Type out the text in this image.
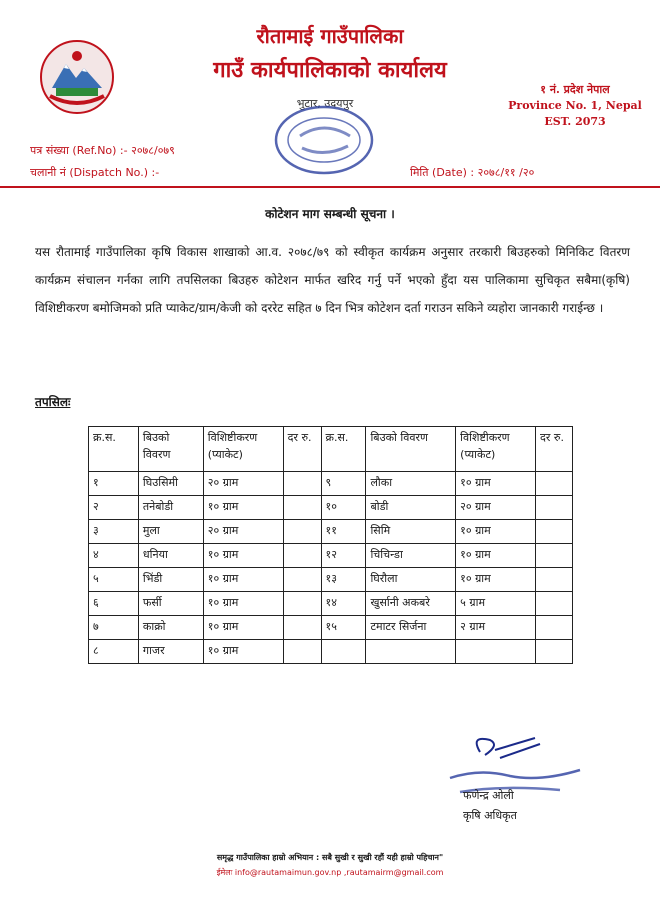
रौतामाई गाउँपालिका
गाउँ कार्यपालिकाको कार्यालय
भुटार, उदयपुर
१ नं. प्रदेश नेपाल
Province No. 1, Nepal
EST. 2073
पत्र संख्या (Ref.No) :- २०७८/०७९
चलानी नं (Dispatch No.) :-	मिति (Date) : २०७८/११ /२०
कोटेशन माग सम्बन्धी सूचना ।
यस रौतामाई गाउँपालिका कृषि विकास शाखाको आ.व. २०७८/७९ को स्वीकृत कार्यक्रम अनुसार तरकारी बिउहरुको मिनिकिट वितरण कार्यक्रम संचालन गर्नका लागि तपसिलका बिउहरु कोटेशन मार्फत खरिद गर्नु पर्ने भएको हुँदा यस पालिकामा सुचिकृत सबैमा(कृषि) विशिष्टीकरण बमोजिमको प्रति प्याकेट/ग्राम/केजी को दररेट सहित ७ दिन भित्र कोटेशन दर्ता गराउन सकिने व्यहोरा जानकारी गराईन्छ ।
तपसिलः
क्र.स.	बिउको विवरण	विशिष्टीकरण (प्याकेट)	दर रु.	क्र.स.	बिउको विवरण	विशिष्टीकरण (प्याकेट)	दर रु.
१	घिउसिमी	२० ग्राम		९	लौका	१० ग्राम	
२	तनेबोडी	१० ग्राम		१०	बोडी	२० ग्राम	
३	मुला	२० ग्राम		११	सिमि	१० ग्राम	
४	धनिया	१० ग्राम		१२	चिचिन्डा	१० ग्राम	
५	भिंडी	१० ग्राम		१३	घिरौला	१० ग्राम	
६	फर्सी	१० ग्राम		१४	खुर्सानी अकबरे	५ ग्राम	
७	काक्रो	१० ग्राम		१५	टमाटर सिर्जना	२ ग्राम	
८	गाजर	१० ग्राम					
फणेन्द्र ओली
कृषि अधिकृत
समृद्ध गाउँपालिका हाम्रो अभियान : सबै सुखी र सुखी रहौं यही हाम्रो पहिचान"
ईमेलः info@rautamaimun.gov.np ,rautamairm@gmail.com
